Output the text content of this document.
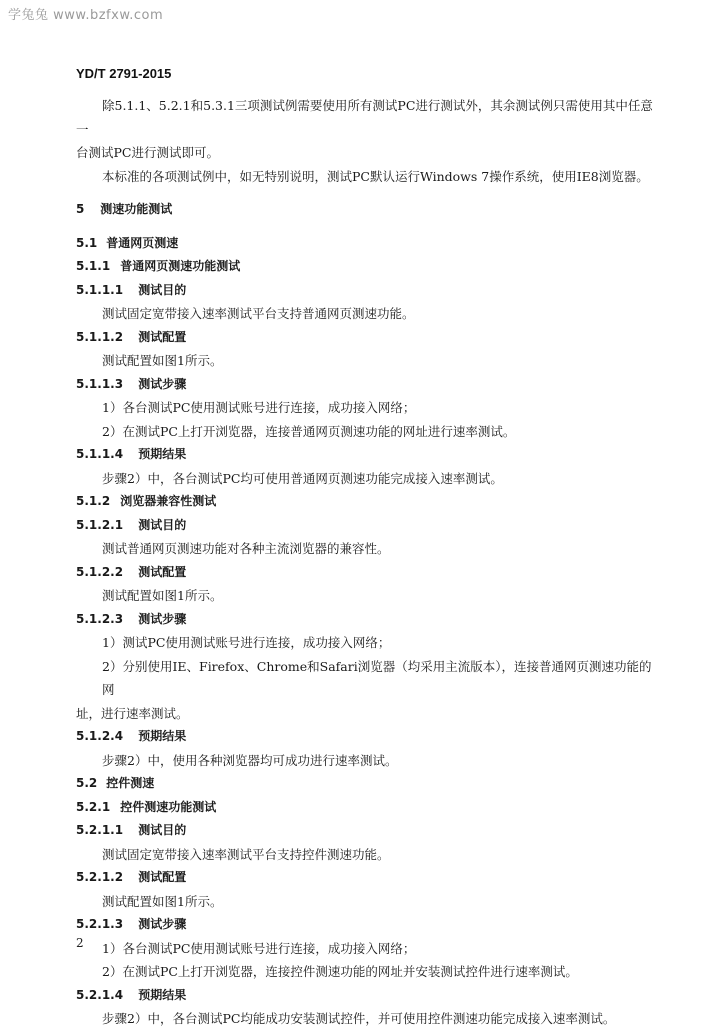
学兔兔 www.bzfxw.com
YD/T 2791-2015

除5.1.1、5.2.1和5.3.1三项测试例需要使用所有测试PC进行测试外，其余测试例只需使用其中任意一

台测试PC进行测试即可。

本标准的各项测试例中，如无特别说明，测试PC默认运行Windows 7操作系统，使用IE8浏览器。

5 测速功能测试

5.1 普通网页测速

5.1.1 普通网页测速功能测试

5.1.1.1 测试目的

测试固定宽带接入速率测试平台支持普通网页测速功能。

5.1.1.2 测试配置

测试配置如图1所示。

5.1.1.3 测试步骤

1）各台测试PC使用测试账号进行连接，成功接入网络；

2）在测试PC上打开浏览器，连接普通网页测速功能的网址进行速率测试。

5.1.1.4 预期结果

步骤2）中，各台测试PC均可使用普通网页测速功能完成接入速率测试。

5.1.2 浏览器兼容性测试

5.1.2.1 测试目的

测试普通网页测速功能对各种主流浏览器的兼容性。

5.1.2.2 测试配置

测试配置如图1所示。

5.1.2.3 测试步骤

1）测试PC使用测试账号进行连接，成功接入网络；

2）分别使用IE、Firefox、Chrome和Safari浏览器（均采用主流版本），连接普通网页测速功能的网

址，进行速率测试。

5.1.2.4 预期结果

步骤2）中，使用各种浏览器均可成功进行速率测试。

5.2 控件测速

5.2.1 控件测速功能测试

5.2.1.1 测试目的

测试固定宽带接入速率测试平台支持控件测速功能。

5.2.1.2 测试配置

测试配置如图1所示。

5.2.1.3 测试步骤

1）各台测试PC使用测试账号进行连接，成功接入网络；

2）在测试PC上打开浏览器，连接控件测速功能的网址并安装测试控件进行速率测试。

5.2.1.4 预期结果

步骤2）中，各台测试PC均能成功安装测试控件，并可使用控件测速功能完成接入速率测试。

2
